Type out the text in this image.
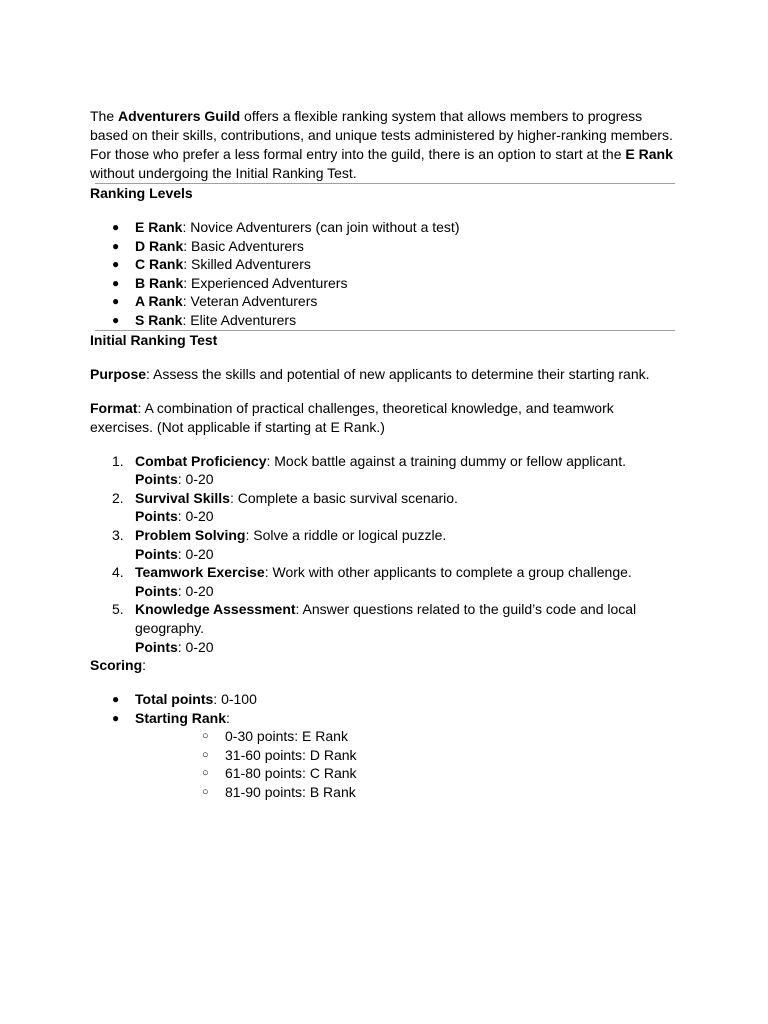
The Adventurers Guild offers a flexible ranking system that allows members to progress based on their skills, contributions, and unique tests administered by higher-ranking members. For those who prefer a less formal entry into the guild, there is an option to start at the E Rank without undergoing the Initial Ranking Test.

Ranking Levels

● E Rank: Novice Adventurers (can join without a test)
● D Rank: Basic Adventurers
● C Rank: Skilled Adventurers
● B Rank: Experienced Adventurers
● A Rank: Veteran Adventurers
● S Rank: Elite Adventurers

Initial Ranking Test

Purpose: Assess the skills and potential of new applicants to determine their starting rank.

Format: A combination of practical challenges, theoretical knowledge, and teamwork exercises. (Not applicable if starting at E Rank.)

1. Combat Proficiency: Mock battle against a training dummy or fellow applicant.
Points: 0-20
2. Survival Skills: Complete a basic survival scenario.
Points: 0-20
3. Problem Solving: Solve a riddle or logical puzzle.
Points: 0-20
4. Teamwork Exercise: Work with other applicants to complete a group challenge.
Points: 0-20
5. Knowledge Assessment: Answer questions related to the guild’s code and local geography.
Points: 0-20

Scoring:

● Total points: 0-100
● Starting Rank:
○ 0-30 points: E Rank
○ 31-60 points: D Rank
○ 61-80 points: C Rank
○ 81-90 points: B Rank
